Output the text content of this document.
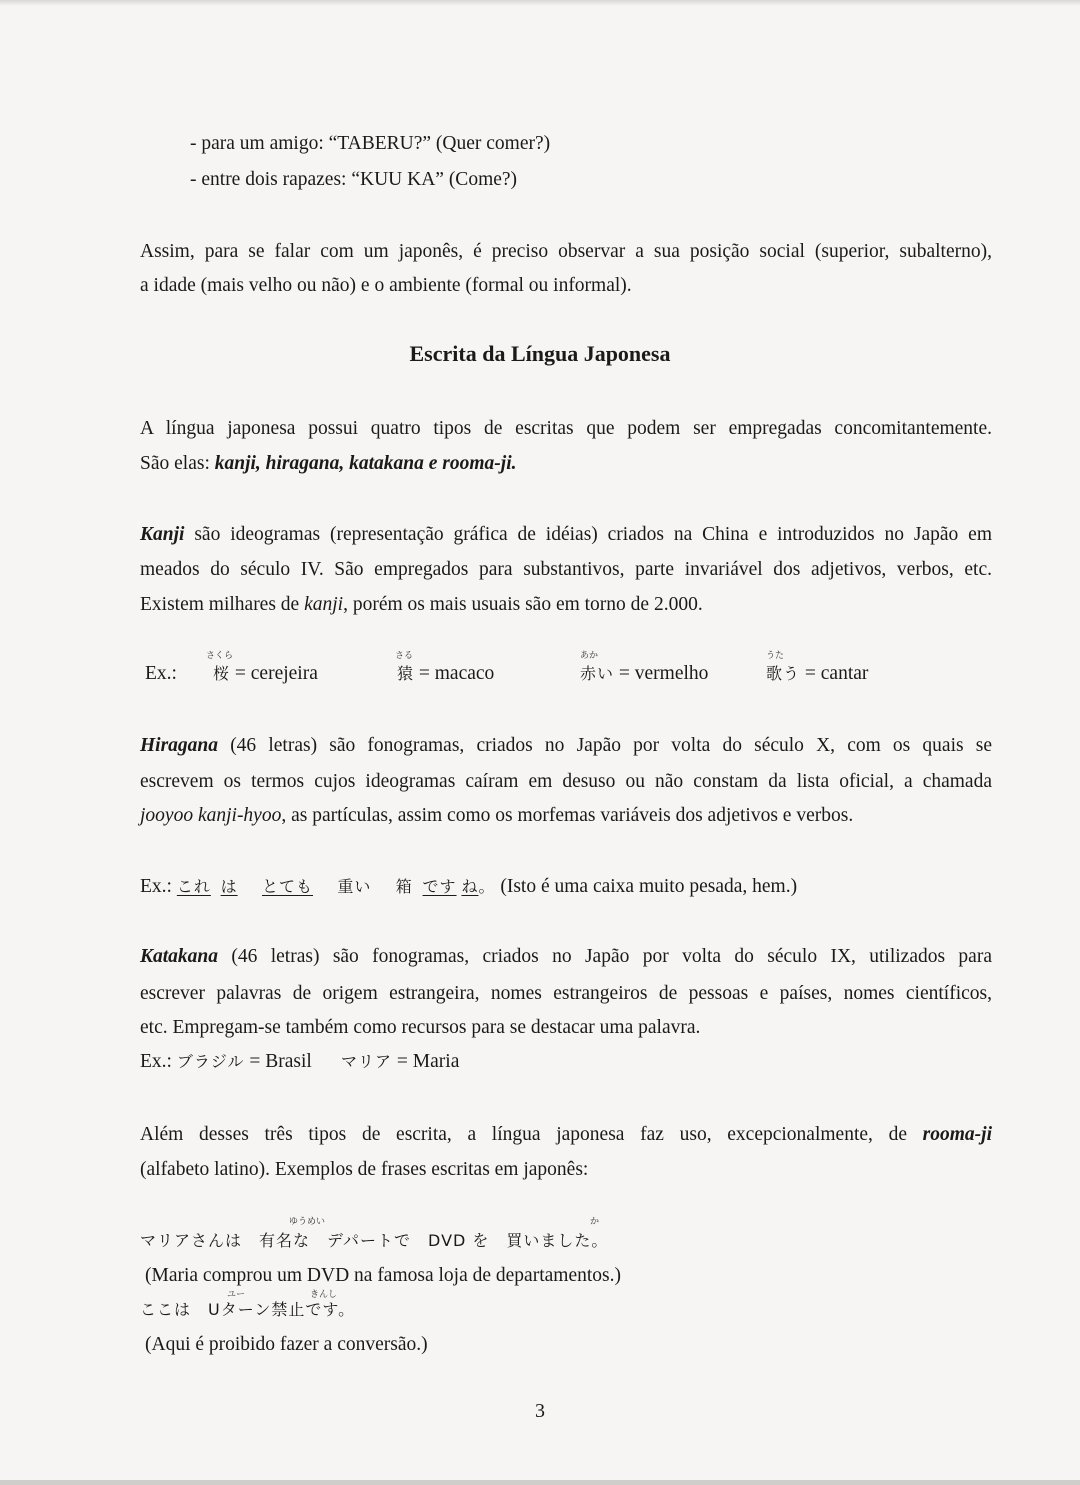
- para um amigo: “TABERU?” (Quer comer?)
- entre dois rapazes: “KUU KA” (Come?)
Assim, para se falar com um japonês, é preciso observar a sua posição social (superior, subalterno),
a idade (mais velho ou não) e o ambiente (formal ou informal).
Escrita da Língua Japonesa
A língua japonesa possui quatro tipos de escritas que podem ser empregadas concomitantemente.
São elas: kanji, hiragana, katakana e rooma-ji.
Kanji são ideogramas (representação gráfica de idéias) criados na China e introduzidos no Japão em
meados do século IV. São empregados para substantivos, parte invariável dos adjetivos, verbos, etc.
Existem milhares de kanji, porém os mais usuais são em torno de 2.000.
Ex.:
さくら
桜 = cerejeira
さる
猿 = macaco
あか
赤い = vermelho
うた
歌う = cantar
Hiragana (46 letras) são fonogramas, criados no Japão por volta do século X, com os quais se
escrevem os termos cujos ideogramas caíram em desuso ou não constam da lista oficial, a chamada
jooyoo kanji-hyoo, as partículas, assim como os morfemas variáveis dos adjetivos e verbos.
Ex.: これ は とても 重い 箱 です ね。 (Isto é uma caixa muito pesada, hem.)
Katakana (46 letras) são fonogramas, criados no Japão por volta do século IX, utilizados para
escrever palavras de origem estrangeira, nomes estrangeiros de pessoas e países, nomes científicos,
etc. Empregam-se também como recursos para se destacar uma palavra.
Ex.: ブラジル = Brasil マリア = Maria
Além desses três tipos de escrita, a língua japonesa faz uso, excepcionalmente, de rooma-ji
(alfabeto latino). Exemplos de frases escritas em japonês:
ゆうめい	か
マリアさんは　有名な　デパートで　DVD を　買いました。
(Maria comprou um DVD na famosa loja de departamentos.)
ユー	きんし
ここは　Uターン禁止です。
(Aqui é proibido fazer a conversão.)
3
